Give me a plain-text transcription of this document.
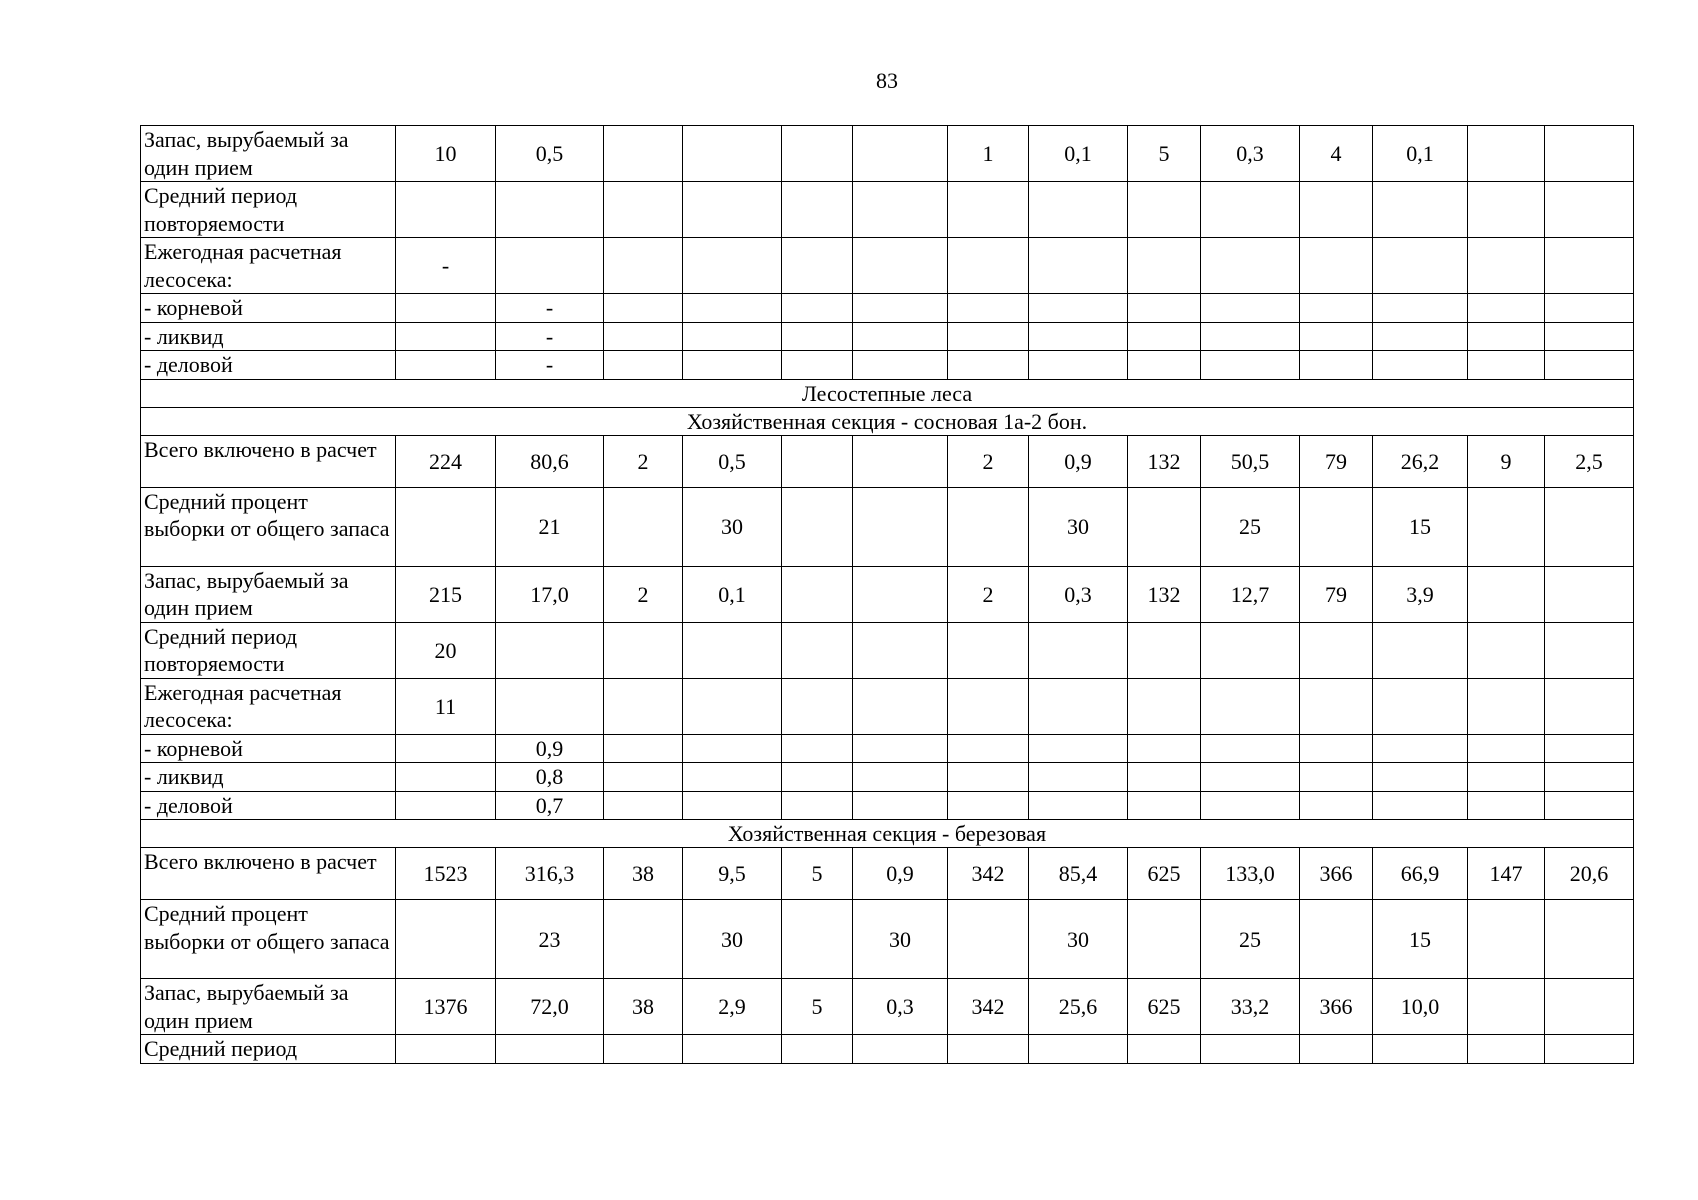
83
Запас, вырубаемый за один прием	10	0,5					1	0,1	5	0,3	4	0,1		
Средний период повторяемости														
Ежегодная расчетная лесосека:	-													
- корневой		-												
- ликвид		-												
- деловой		-												
Лесостепные леса														
Хозяйственная секция - сосновая 1а-2 бон.														
Всего включено в расчет	224	80,6	2	0,5			2	0,9	132	50,5	79	26,2	9	2,5
Средний процент выборки от общего запаса		21		30				30		25		15		
Запас, вырубаемый за один прием	215	17,0	2	0,1			2	0,3	132	12,7	79	3,9		
Средний период повторяемости	20													
Ежегодная расчетная лесосека:	11													
- корневой		0,9												
- ликвид		0,8												
- деловой		0,7												
Хозяйственная секция - березовая														
Всего включено в расчет	1523	316,3	38	9,5	5	0,9	342	85,4	625	133,0	366	66,9	147	20,6
Средний процент выборки от общего запаса		23		30		30		30		25		15		
Запас, вырубаемый за один прием	1376	72,0	38	2,9	5	0,3	342	25,6	625	33,2	366	10,0		
Средний период														
